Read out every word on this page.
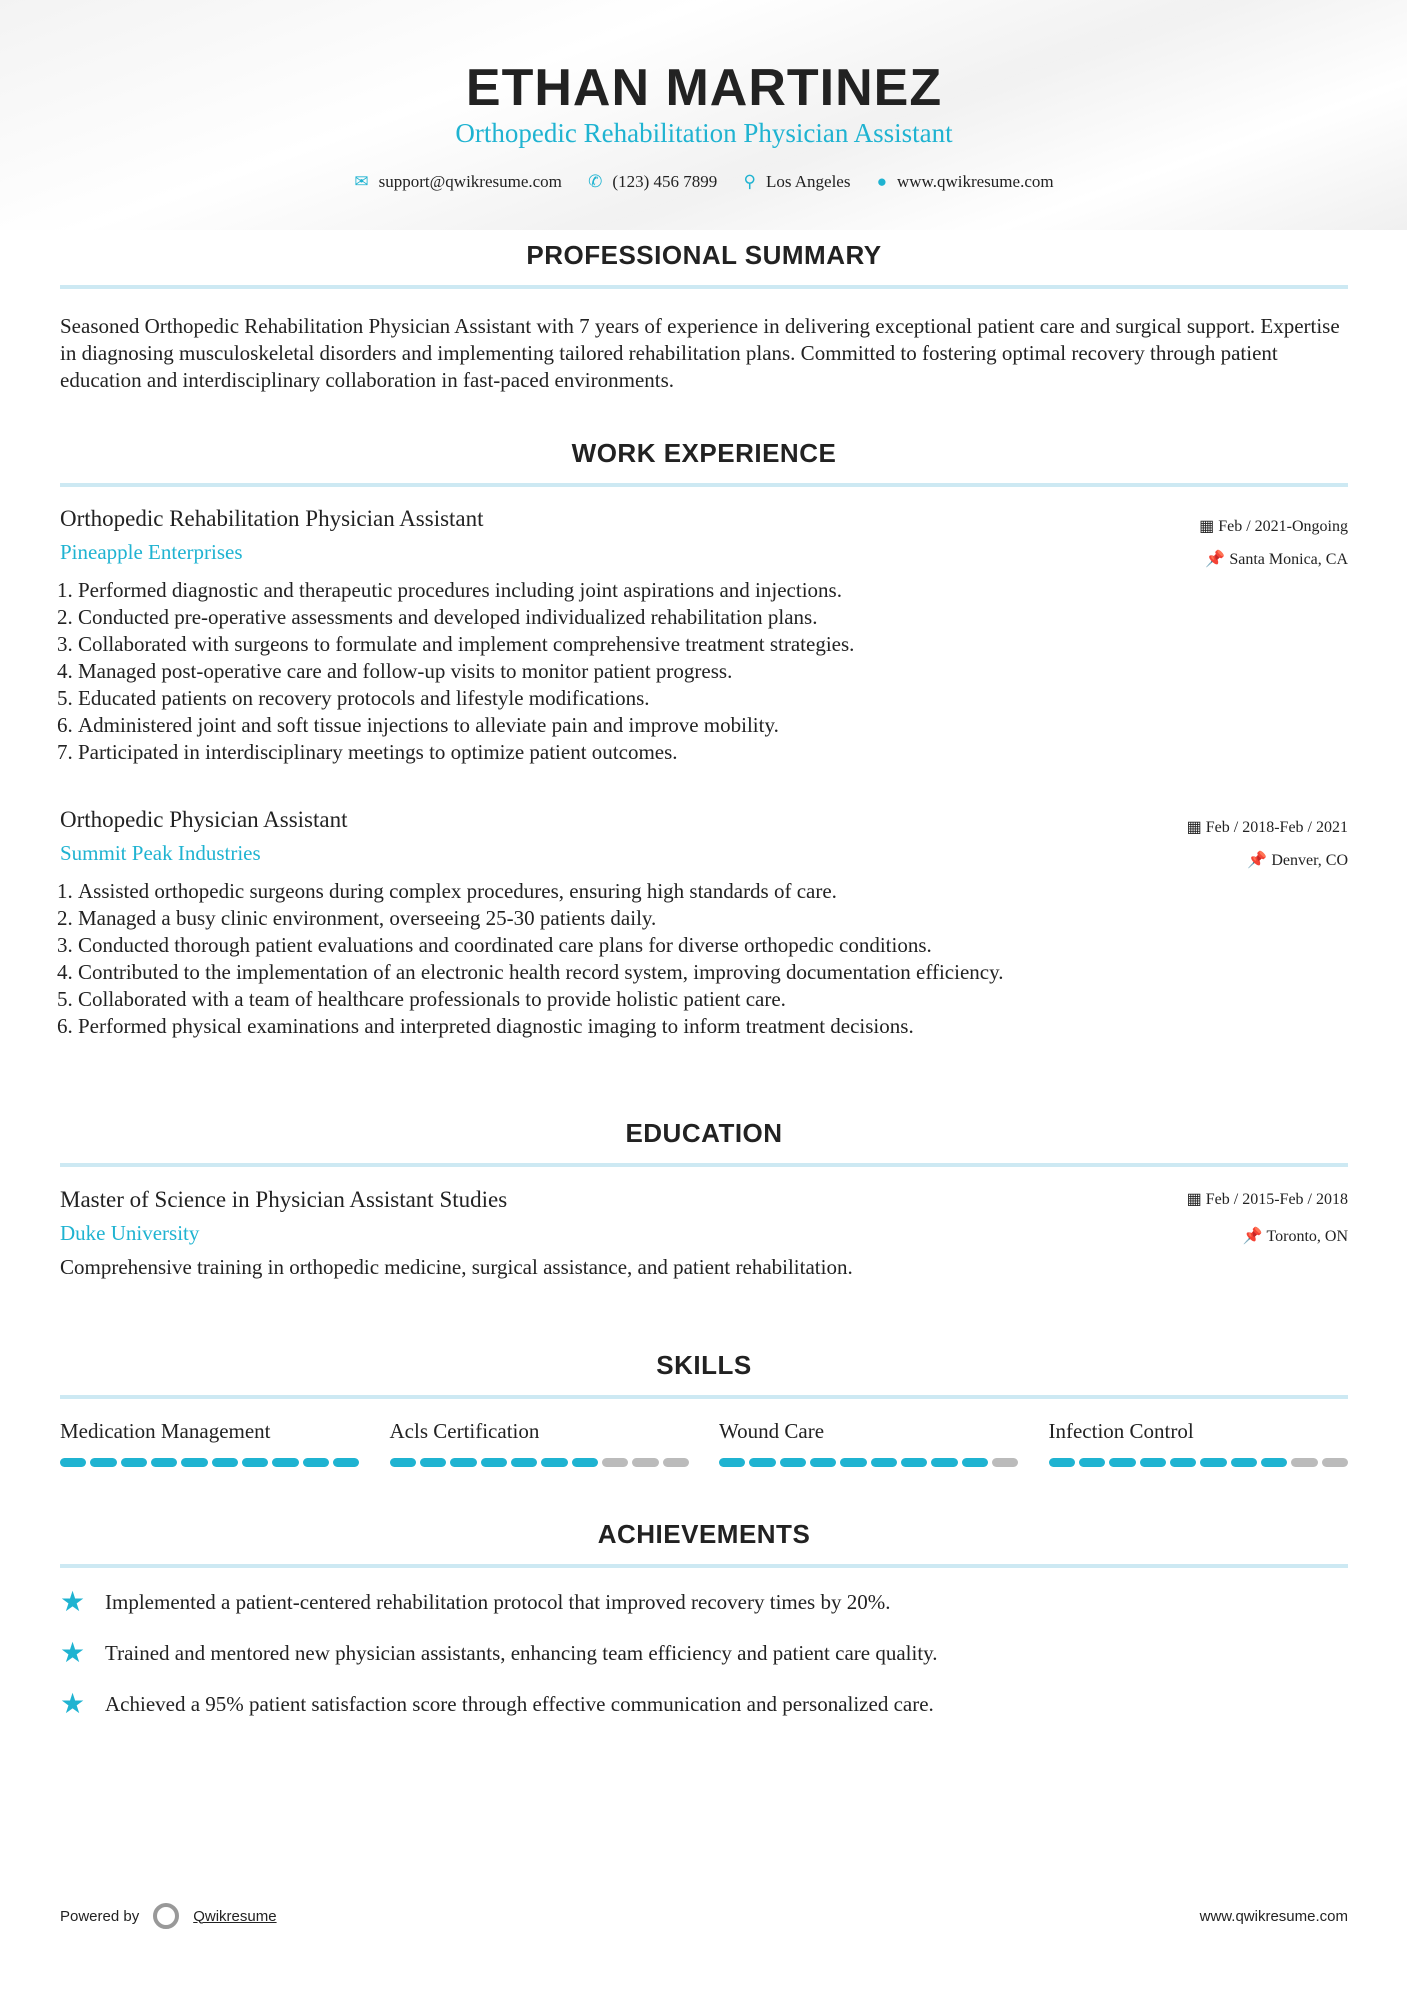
ETHAN MARTINEZ
Orthopedic Rehabilitation Physician Assistant
✉ support@qwikresume.com ✆ (123) 456 7899 ⚲ Los Angeles ● www.qwikresume.com
PROFESSIONAL SUMMARY

Seasoned Orthopedic Rehabilitation Physician Assistant with 7 years of experience in delivering exceptional patient care and surgical support. Expertise in diagnosing musculoskeletal disorders and implementing tailored rehabilitation plans. Committed to fostering optimal recovery through patient education and interdisciplinary collaboration in fast-paced environments.

WORK EXPERIENCE
▦ Feb / 2021-Ongoing
📌 Santa Monica, CA
Orthopedic Rehabilitation Physician Assistant
Pineapple Enterprises
1. Performed diagnostic and therapeutic procedures including joint aspirations and injections.
2. Conducted pre-operative assessments and developed individualized rehabilitation plans.
3. Collaborated with surgeons to formulate and implement comprehensive treatment strategies.
4. Managed post-operative care and follow-up visits to monitor patient progress.
5. Educated patients on recovery protocols and lifestyle modifications.
6. Administered joint and soft tissue injections to alleviate pain and improve mobility.
7. Participated in interdisciplinary meetings to optimize patient outcomes.
▦ Feb / 2018-Feb / 2021
📌 Denver, CO
Orthopedic Physician Assistant
Summit Peak Industries
1. Assisted orthopedic surgeons during complex procedures, ensuring high standards of care.
2. Managed a busy clinic environment, overseeing 25-30 patients daily.
3. Conducted thorough patient evaluations and coordinated care plans for diverse orthopedic conditions.
4. Contributed to the implementation of an electronic health record system, improving documentation efficiency.
5. Collaborated with a team of healthcare professionals to provide holistic patient care.
6. Performed physical examinations and interpreted diagnostic imaging to inform treatment decisions.
EDUCATION
▦ Feb / 2015-Feb / 2018
📌 Toronto, ON
Master of Science in Physician Assistant Studies
Duke University

Comprehensive training in orthopedic medicine, surgical assistance, and patient rehabilitation.

SKILLS
Medication Management	Acls Certification	Wound Care	Infection Control
ACHIEVEMENTS
★ Implemented a patient-centered rehabilitation protocol that improved recovery times by 20%.
★ Trained and mentored new physician assistants, enhancing team efficiency and patient care quality.
★ Achieved a 95% patient satisfaction score through effective communication and personalized care.
Powered by	Qwikresume	www.qwikresume.com
